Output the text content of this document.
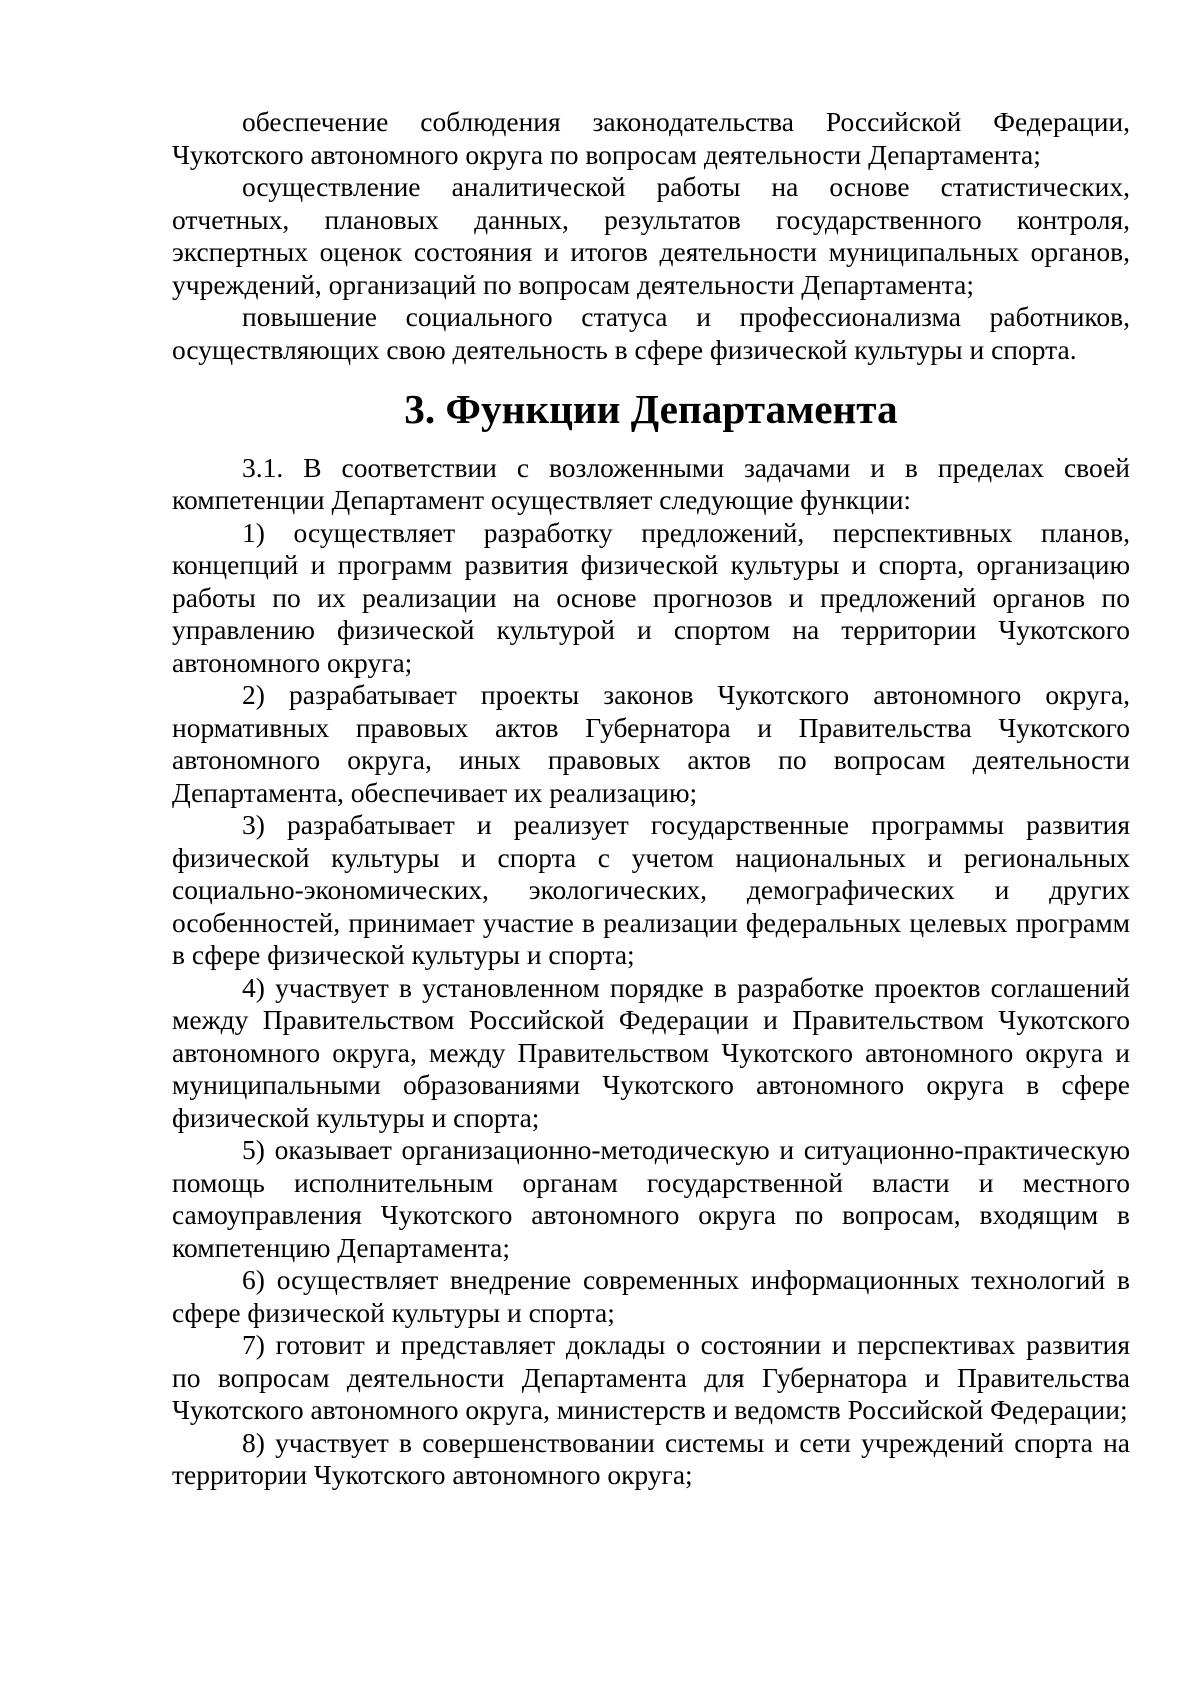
обеспечение соблюдения законодательства Российской Федерации, Чукотского автономного округа по вопросам деятельности Департамента;

осуществление аналитической работы на основе статистических, отчетных, плановых данных, результатов государственного контроля, экспертных оценок состояния и итогов деятельности муниципальных органов, учреждений, организаций по вопросам деятельности Департамента;

повышение социального статуса и профессионализма работников, осуществляющих свою деятельность в сфере физической культуры и спорта.

3. Функции Департамента

3.1. В соответствии с возложенными задачами и в пределах своей компетенции Департамент осуществляет следующие функции:

1) осуществляет разработку предложений, перспективных планов, концепций и программ развития физической культуры и спорта, организацию работы по их реализации на основе прогнозов и предложений органов по управлению физической культурой и спортом на территории Чукотского автономного округа;

2) разрабатывает проекты законов Чукотского автономного округа, нормативных правовых актов Губернатора и Правительства Чукотского автономного округа, иных правовых актов по вопросам деятельности Департамента, обеспечивает их реализацию;

3) разрабатывает и реализует государственные программы развития физической культуры и спорта с учетом национальных и региональных социально-экономических, экологических, демографических и других особенностей, принимает участие в реализации федеральных целевых программ в сфере физической культуры и спорта;

4) участвует в установленном порядке в разработке проектов соглашений между Правительством Российской Федерации и Правительством Чукотского автономного округа, между Правительством Чукотского автономного округа и муниципальными образованиями Чукотского автономного округа в сфере физической культуры и спорта;

5) оказывает организационно-методическую и ситуационно-практическую помощь исполнительным органам государственной власти и местного самоуправления Чукотского автономного округа по вопросам, входящим в компетенцию Департамента;

6) осуществляет внедрение современных информационных технологий в сфере физической культуры и спорта;

7) готовит и представляет доклады о состоянии и перспективах развития по вопросам деятельности Департамента для Губернатора и Правительства Чукотского автономного округа, министерств и ведомств Российской Федерации;

8) участвует в совершенствовании системы и сети учреждений спорта на территории Чукотского автономного округа;
